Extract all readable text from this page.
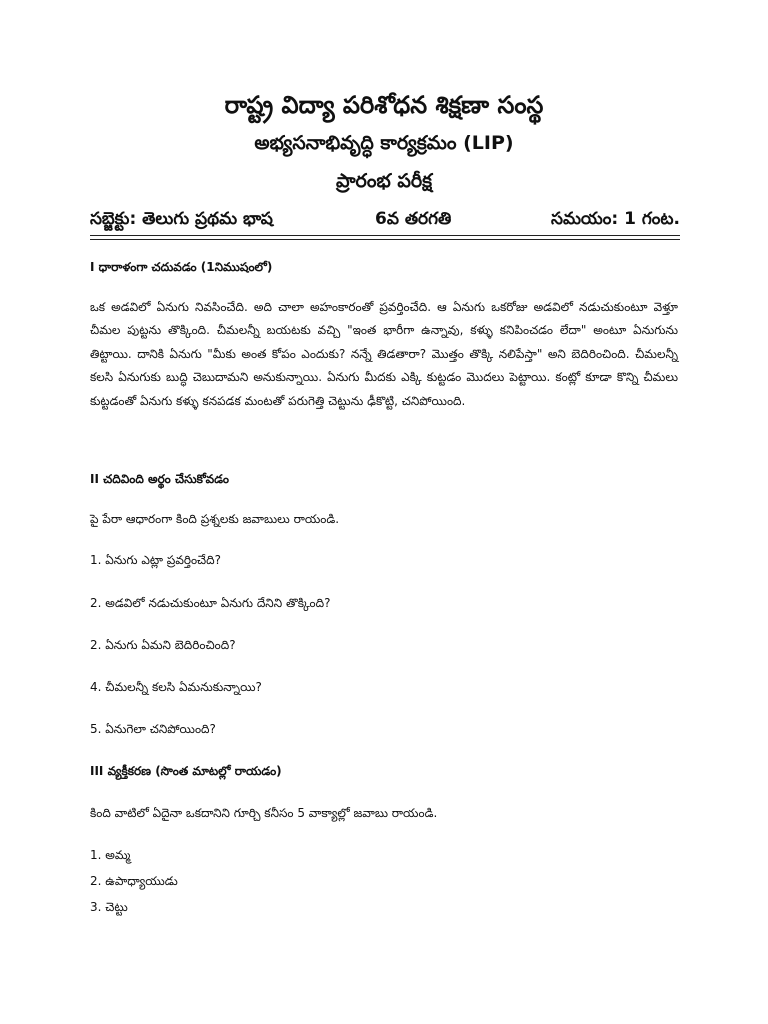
రాష్ట్ర విద్యా పరిశోధన శిక్షణా సంస్థ
అభ్యసనాభివృద్ధి కార్యక్రమం (LIP)
ప్రారంభ పరీక్ష
సబ్జెక్టు: తెలుగు ప్రథమ భాష	6వ తరగతి	సమయం: 1 గంట.
I ధారాళంగా చదువడం (1నిముషంలో)
ఒక అడవిలో ఏనుగు నివసించేది. అది చాలా అహంకారంతో ప్రవర్తించేది. ఆ ఏనుగు ఒకరోజు అడవిలో నడుచుకుంటూ వెళ్తూ చీమల పుట్టను తొక్కింది. చీమలన్నీ బయటకు వచ్చి "ఇంత భారీగా ఉన్నావు, కళ్ళు కనిపించడం లేదా" అంటూ ఏనుగును తిట్టాయి. దానికి ఏనుగు "మీకు అంత కోపం ఎందుకు? నన్నే తిడతారా? మొత్తం తొక్కి నలిపేస్తా" అని బెదిరించింది. చీమలన్నీ కలసి ఏనుగుకు బుద్ధి చెబుదామని అనుకున్నాయి. ఏనుగు మీదకు ఎక్కి కుట్టడం మొదలు పెట్టాయి. కంట్లో కూడా కొన్ని చీమలు కుట్టడంతో ఏనుగు కళ్ళు కనపడక మంటతో పరుగెత్తి చెట్టును ఢీకొట్టి, చనిపోయింది.
II చదివింది అర్థం చేసుకోవడం
పై పేరా ఆధారంగా కింది ప్రశ్నలకు జవాబులు రాయండి.
1. ఏనుగు ఎట్లా ప్రవర్తించేది?
2. అడవిలో నడుచుకుంటూ ఏనుగు దేనిని తొక్కింది?
2. ఏనుగు ఏమని బెదిరించింది?
4. చీమలన్నీ కలసి ఏమనుకున్నాయి?
5. ఏనుగెలా చనిపోయింది?
III వ్యక్తీకరణ (సొంత మాటల్లో రాయడం)
కింది వాటిలో ఏదైనా ఒకదానిని గూర్చి కనీసం 5 వాక్యాల్లో జవాబు రాయండి.
1. అమ్మ
2. ఉపాధ్యాయుడు
3. చెట్టు
